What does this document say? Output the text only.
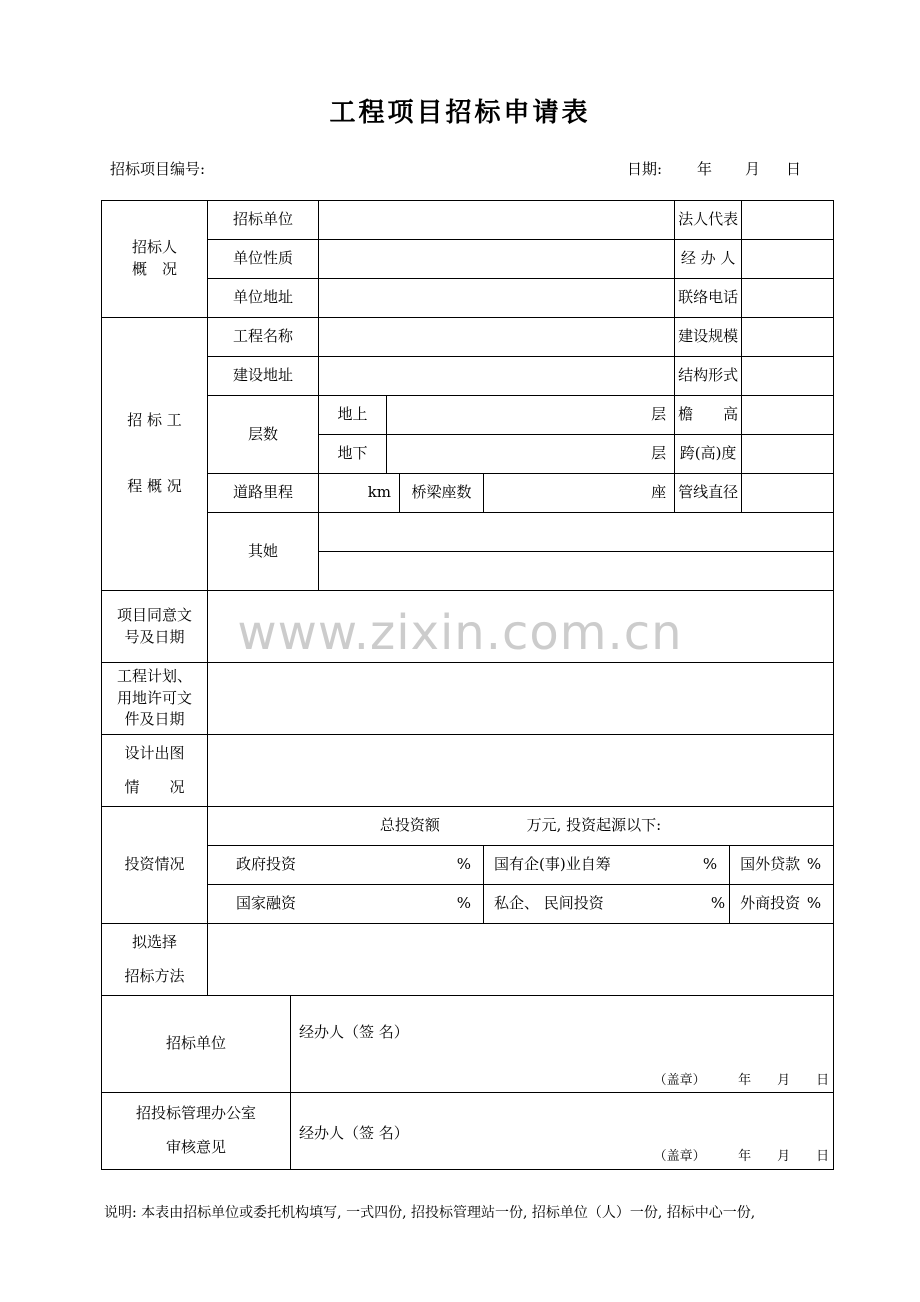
工程项目招标申请表
招标项目编号:	日期: 年 月 日
招标人
概　况	招标单位						法人代表		
	单位性质						经 办 人		
	单位地址						联络电话		

招 标 工
程 概 况	工程名称						建设规模		
	建设地址						结构形式		
	层数		地上	层			檐　　高		
			地下	层			跨(高)度		
	道路里程		km		桥梁座数	座	管线直径		
	其她								

项目同意文
号及日期									

工程计划、
用地许可文
件及日期									

设计出图
情　　况									

投资情况	总投资额 万元, 投资起源以下:								

	政府投资 %					国有企(事)业自筹 %		国外贷款 %	

	国家融资 %					私企、 民间投资 %		外商投资 %	

拟选择
招标方法									

招标单位		经办人（签 名）
（盖章）　　　年　　月　　日							

招投标管理办公室
审核意见		经办人（签 名）
（盖章）　　　年　　月　　日							
www.zixin.com.cn
说明: 本表由招标单位或委托机构填写, 一式四份, 招投标管理站一份, 招标单位（人）一份, 招标中心一份,
